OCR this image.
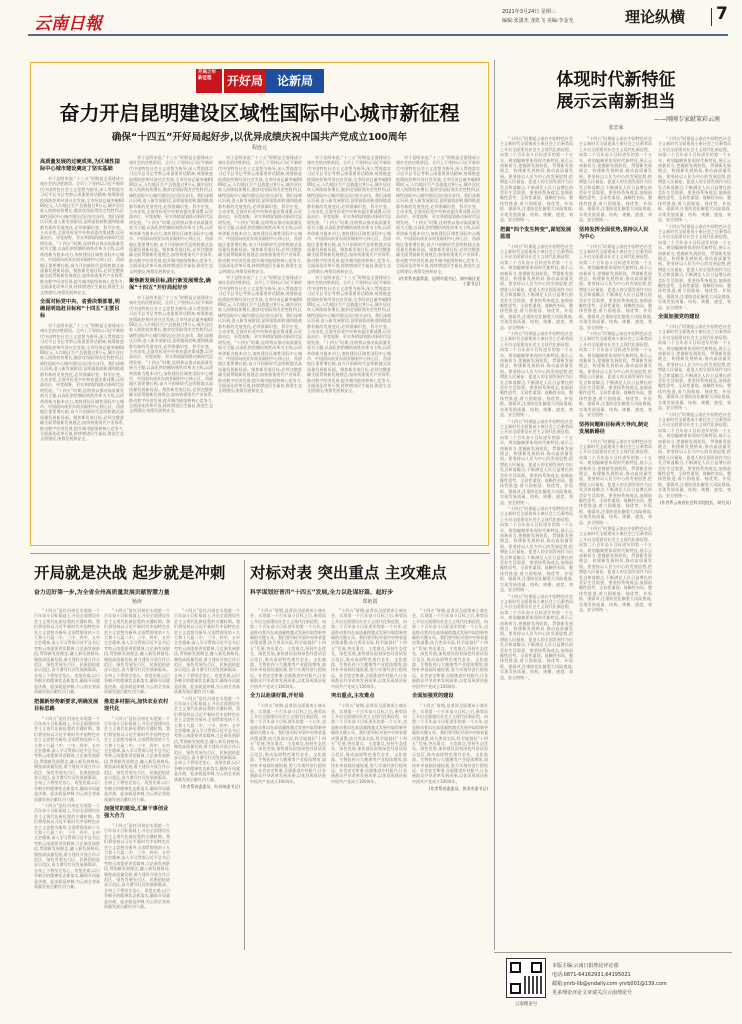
云南日報
2021年3月24日 星期三
编辑:张潇杰 龙虹飞 美编:李金光	理论纵横 7
开局之年新征程	开好局	论新局
奋力开启昆明建设区域性国际中心城市新征程
确保“十四五”开好局起好步,以优异成绩庆祝中国共产党成立100周年
程连元
高质量发展的过硬成果,为区域性国际中心城市建设奠定了坚实基础

对于昆明来说,“十三五”时期是全面建成小康社会的决胜阶段。全市上下坚持以习近平新时代中国特色社会主义思想为指导,深入贯彻落实习近平总书记考察云南重要讲话精神,统筹推进疫情防控和经济社会发展,全市经济总量突破6000亿元,人均地区生产总值超过9万元,城乡居民收入持续较快增长,脱贫攻坚取得决定性胜利,区域性国际中心城市建设迈出坚实步伐。我们深刻认识到,进入新发展阶段,昆明面临的机遇和挑战都有新的发展变化,必须准确识变、科学应变、主动求变,全面对标党中央和省委决策部署,以更高站位、更宽视野、更实举措谋划推动新时代昆明发展。“十四五”时期,昆明将以推动高质量发展为主题,以深化供给侧结构性改革为主线,以改革创新为根本动力,加快建设区域性国际中心城市、中国面向南亚东南亚辐射中心核心区、西部地区重要增长极,奋力开创新时代昆明跨越式高质量发展新局面。聚焦新发展目标,必须完整准确全面贯彻新发展理念,加快构建现代产业体系,推动数字经济发展,提升城市能级和核心竞争力,全面深化改革开放,持续增进民生福祉,推进生态文明建设,统筹发展和安全。

全面对标党中央、省委决策部署,明确昆明追赶目标和“十四五”主要目标

对于昆明来说,“十三五”时期是全面建成小康社会的决胜阶段。全市上下坚持以习近平新时代中国特色社会主义思想为指导,深入贯彻落实习近平总书记考察云南重要讲话精神,统筹推进疫情防控和经济社会发展,全市经济总量突破6000亿元,人均地区生产总值超过9万元,城乡居民收入持续较快增长,脱贫攻坚取得决定性胜利,区域性国际中心城市建设迈出坚实步伐。我们深刻认识到,进入新发展阶段,昆明面临的机遇和挑战都有新的发展变化,必须准确识变、科学应变、主动求变,全面对标党中央和省委决策部署,以更高站位、更宽视野、更实举措谋划推动新时代昆明发展。“十四五”时期,昆明将以推动高质量发展为主题,以深化供给侧结构性改革为主线,以改革创新为根本动力,加快建设区域性国际中心城市、中国面向南亚东南亚辐射中心核心区、西部地区重要增长极,奋力开创新时代昆明跨越式高质量发展新局面。聚焦新发展目标,必须完整准确全面贯彻新发展理念,加快构建现代产业体系,推动数字经济发展,提升城市能级和核心竞争力,全面深化改革开放,持续增进民生福祉,推进生态文明建设,统筹发展和安全。

对于昆明来说,“十三五”时期是全面建成小康社会的决胜阶段。全市上下坚持以习近平新时代中国特色社会主义思想为指导,深入贯彻落实习近平总书记考察云南重要讲话精神,统筹推进疫情防控和经济社会发展,全市经济总量突破6000亿元,人均地区生产总值超过9万元,城乡居民收入持续较快增长,脱贫攻坚取得决定性胜利,区域性国际中心城市建设迈出坚实步伐。我们深刻认识到,进入新发展阶段,昆明面临的机遇和挑战都有新的发展变化,必须准确识变、科学应变、主动求变,全面对标党中央和省委决策部署,以更高站位、更宽视野、更实举措谋划推动新时代昆明发展。“十四五”时期,昆明将以推动高质量发展为主题,以深化供给侧结构性改革为主线,以改革创新为根本动力,加快建设区域性国际中心城市、中国面向南亚东南亚辐射中心核心区、西部地区重要增长极,奋力开创新时代昆明跨越式高质量发展新局面。聚焦新发展目标,必须完整准确全面贯彻新发展理念,加快构建现代产业体系,推动数字经济发展,提升城市能级和核心竞争力,全面深化改革开放,持续增进民生福祉,推进生态文明建设,统筹发展和安全。

聚焦新发展目标,践行新发展理念,确保“十四五”开好局起好步

对于昆明来说,“十三五”时期是全面建成小康社会的决胜阶段。全市上下坚持以习近平新时代中国特色社会主义思想为指导,深入贯彻落实习近平总书记考察云南重要讲话精神,统筹推进疫情防控和经济社会发展,全市经济总量突破6000亿元,人均地区生产总值超过9万元,城乡居民收入持续较快增长,脱贫攻坚取得决定性胜利,区域性国际中心城市建设迈出坚实步伐。我们深刻认识到,进入新发展阶段,昆明面临的机遇和挑战都有新的发展变化,必须准确识变、科学应变、主动求变,全面对标党中央和省委决策部署,以更高站位、更宽视野、更实举措谋划推动新时代昆明发展。“十四五”时期,昆明将以推动高质量发展为主题,以深化供给侧结构性改革为主线,以改革创新为根本动力,加快建设区域性国际中心城市、中国面向南亚东南亚辐射中心核心区、西部地区重要增长极,奋力开创新时代昆明跨越式高质量发展新局面。聚焦新发展目标,必须完整准确全面贯彻新发展理念,加快构建现代产业体系,推动数字经济发展,提升城市能级和核心竞争力,全面深化改革开放,持续增进民生福祉,推进生态文明建设,统筹发展和安全。

对于昆明来说,“十三五”时期是全面建成小康社会的决胜阶段。全市上下坚持以习近平新时代中国特色社会主义思想为指导,深入贯彻落实习近平总书记考察云南重要讲话精神,统筹推进疫情防控和经济社会发展,全市经济总量突破6000亿元,人均地区生产总值超过9万元,城乡居民收入持续较快增长,脱贫攻坚取得决定性胜利,区域性国际中心城市建设迈出坚实步伐。我们深刻认识到,进入新发展阶段,昆明面临的机遇和挑战都有新的发展变化,必须准确识变、科学应变、主动求变,全面对标党中央和省委决策部署,以更高站位、更宽视野、更实举措谋划推动新时代昆明发展。“十四五”时期,昆明将以推动高质量发展为主题,以深化供给侧结构性改革为主线,以改革创新为根本动力,加快建设区域性国际中心城市、中国面向南亚东南亚辐射中心核心区、西部地区重要增长极,奋力开创新时代昆明跨越式高质量发展新局面。聚焦新发展目标,必须完整准确全面贯彻新发展理念,加快构建现代产业体系,推动数字经济发展,提升城市能级和核心竞争力,全面深化改革开放,持续增进民生福祉,推进生态文明建设,统筹发展和安全。

对于昆明来说,“十三五”时期是全面建成小康社会的决胜阶段。全市上下坚持以习近平新时代中国特色社会主义思想为指导,深入贯彻落实习近平总书记考察云南重要讲话精神,统筹推进疫情防控和经济社会发展,全市经济总量突破6000亿元,人均地区生产总值超过9万元,城乡居民收入持续较快增长,脱贫攻坚取得决定性胜利,区域性国际中心城市建设迈出坚实步伐。我们深刻认识到,进入新发展阶段,昆明面临的机遇和挑战都有新的发展变化,必须准确识变、科学应变、主动求变,全面对标党中央和省委决策部署,以更高站位、更宽视野、更实举措谋划推动新时代昆明发展。“十四五”时期,昆明将以推动高质量发展为主题,以深化供给侧结构性改革为主线,以改革创新为根本动力,加快建设区域性国际中心城市、中国面向南亚东南亚辐射中心核心区、西部地区重要增长极,奋力开创新时代昆明跨越式高质量发展新局面。聚焦新发展目标,必须完整准确全面贯彻新发展理念,加快构建现代产业体系,推动数字经济发展,提升城市能级和核心竞争力,全面深化改革开放,持续增进民生福祉,推进生态文明建设,统筹发展和安全。

对于昆明来说,“十三五”时期是全面建成小康社会的决胜阶段。全市上下坚持以习近平新时代中国特色社会主义思想为指导,深入贯彻落实习近平总书记考察云南重要讲话精神,统筹推进疫情防控和经济社会发展,全市经济总量突破6000亿元,人均地区生产总值超过9万元,城乡居民收入持续较快增长,脱贫攻坚取得决定性胜利,区域性国际中心城市建设迈出坚实步伐。我们深刻认识到,进入新发展阶段,昆明面临的机遇和挑战都有新的发展变化,必须准确识变、科学应变、主动求变,全面对标党中央和省委决策部署,以更高站位、更宽视野、更实举措谋划推动新时代昆明发展。“十四五”时期,昆明将以推动高质量发展为主题,以深化供给侧结构性改革为主线,以改革创新为根本动力,加快建设区域性国际中心城市、中国面向南亚东南亚辐射中心核心区、西部地区重要增长极,奋力开创新时代昆明跨越式高质量发展新局面。聚焦新发展目标,必须完整准确全面贯彻新发展理念,加快构建现代产业体系,推动数字经济发展,提升城市能级和核心竞争力,全面深化改革开放,持续增进民生福祉,推进生态文明建设,统筹发展和安全。

对于昆明来说,“十三五”时期是全面建成小康社会的决胜阶段。全市上下坚持以习近平新时代中国特色社会主义思想为指导,深入贯彻落实习近平总书记考察云南重要讲话精神,统筹推进疫情防控和经济社会发展,全市经济总量突破6000亿元,人均地区生产总值超过9万元,城乡居民收入持续较快增长,脱贫攻坚取得决定性胜利,区域性国际中心城市建设迈出坚实步伐。我们深刻认识到,进入新发展阶段,昆明面临的机遇和挑战都有新的发展变化,必须准确识变、科学应变、主动求变,全面对标党中央和省委决策部署,以更高站位、更宽视野、更实举措谋划推动新时代昆明发展。“十四五”时期,昆明将以推动高质量发展为主题,以深化供给侧结构性改革为主线,以改革创新为根本动力,加快建设区域性国际中心城市、中国面向南亚东南亚辐射中心核心区、西部地区重要增长极,奋力开创新时代昆明跨越式高质量发展新局面。聚焦新发展目标,必须完整准确全面贯彻新发展理念,加快构建现代产业体系,推动数字经济发展,提升城市能级和核心竞争力,全面深化改革开放,持续增进民生福祉,推进生态文明建设,统筹发展和安全。

对于昆明来说,“十三五”时期是全面建成小康社会的决胜阶段。全市上下坚持以习近平新时代中国特色社会主义思想为指导,深入贯彻落实习近平总书记考察云南重要讲话精神,统筹推进疫情防控和经济社会发展,全市经济总量突破6000亿元,人均地区生产总值超过9万元,城乡居民收入持续较快增长,脱贫攻坚取得决定性胜利,区域性国际中心城市建设迈出坚实步伐。我们深刻认识到,进入新发展阶段,昆明面临的机遇和挑战都有新的发展变化,必须准确识变、科学应变、主动求变,全面对标党中央和省委决策部署,以更高站位、更宽视野、更实举措谋划推动新时代昆明发展。“十四五”时期,昆明将以推动高质量发展为主题,以深化供给侧结构性改革为主线,以改革创新为根本动力,加快建设区域性国际中心城市、中国面向南亚东南亚辐射中心核心区、西部地区重要增长极,奋力开创新时代昆明跨越式高质量发展新局面。聚焦新发展目标,必须完整准确全面贯彻新发展理念,加快构建现代产业体系,推动数字经济发展,提升城市能级和核心竞争力,全面深化改革开放,持续增进民生福祉,推进生态文明建设,统筹发展和安全。

(作者系省委常委、昆明市委书记、滇中新区党工委书记)
体现时代新特征
展示云南新担当
——刚刚专家献策彩云南
张忠家

“十四五”时期是云南在中国特色社会主义新时代全面建成小康社会之后乘势而上开启全面建设社会主义现代化新征程、向第二个百年奋斗目标进军的第一个五年。规划编制要体现时代新特征,展示云南新担当,把握新发展阶段、贯彻新发展理念、构建新发展格局,推动高质量发展。要坚持以人民为中心的发展思想,把增进人民福祉、促进人的全面发展作为出发点和落脚点,不断满足人民日益增长的美好生活需要。要坚持系统观念,加强前瞻性思考、全局性谋划、战略性布局、整体性推进,着力固根基、扬优势、补短板、强弱项,注重防范化解重大风险挑战,实现发展质量、结构、规模、速度、效益、安全相统一。

把握“四个发生转变”,谋划发展蓝图

“十四五”时期是云南在中国特色社会主义新时代全面建成小康社会之后乘势而上开启全面建设社会主义现代化新征程、向第二个百年奋斗目标进军的第一个五年。规划编制要体现时代新特征,展示云南新担当,把握新发展阶段、贯彻新发展理念、构建新发展格局,推动高质量发展。要坚持以人民为中心的发展思想,把增进人民福祉、促进人的全面发展作为出发点和落脚点,不断满足人民日益增长的美好生活需要。要坚持系统观念,加强前瞻性思考、全局性谋划、战略性布局、整体性推进,着力固根基、扬优势、补短板、强弱项,注重防范化解重大风险挑战,实现发展质量、结构、规模、速度、效益、安全相统一。

“十四五”时期是云南在中国特色社会主义新时代全面建成小康社会之后乘势而上开启全面建设社会主义现代化新征程、向第二个百年奋斗目标进军的第一个五年。规划编制要体现时代新特征,展示云南新担当,把握新发展阶段、贯彻新发展理念、构建新发展格局,推动高质量发展。要坚持以人民为中心的发展思想,把增进人民福祉、促进人的全面发展作为出发点和落脚点,不断满足人民日益增长的美好生活需要。要坚持系统观念,加强前瞻性思考、全局性谋划、战略性布局、整体性推进,着力固根基、扬优势、补短板、强弱项,注重防范化解重大风险挑战,实现发展质量、结构、规模、速度、效益、安全相统一。

“十四五”时期是云南在中国特色社会主义新时代全面建成小康社会之后乘势而上开启全面建设社会主义现代化新征程、向第二个百年奋斗目标进军的第一个五年。规划编制要体现时代新特征,展示云南新担当,把握新发展阶段、贯彻新发展理念、构建新发展格局,推动高质量发展。要坚持以人民为中心的发展思想,把增进人民福祉、促进人的全面发展作为出发点和落脚点,不断满足人民日益增长的美好生活需要。要坚持系统观念,加强前瞻性思考、全局性谋划、战略性布局、整体性推进,着力固根基、扬优势、补短板、强弱项,注重防范化解重大风险挑战,实现发展质量、结构、规模、速度、效益、安全相统一。

“十四五”时期是云南在中国特色社会主义新时代全面建成小康社会之后乘势而上开启全面建设社会主义现代化新征程、向第二个百年奋斗目标进军的第一个五年。规划编制要体现时代新特征,展示云南新担当,把握新发展阶段、贯彻新发展理念、构建新发展格局,推动高质量发展。要坚持以人民为中心的发展思想,把增进人民福祉、促进人的全面发展作为出发点和落脚点,不断满足人民日益增长的美好生活需要。要坚持系统观念,加强前瞻性思考、全局性谋划、战略性布局、整体性推进,着力固根基、扬优势、补短板、强弱项,注重防范化解重大风险挑战,实现发展质量、结构、规模、速度、效益、安全相统一。

“十四五”时期是云南在中国特色社会主义新时代全面建成小康社会之后乘势而上开启全面建设社会主义现代化新征程、向第二个百年奋斗目标进军的第一个五年。规划编制要体现时代新特征,展示云南新担当,把握新发展阶段、贯彻新发展理念、构建新发展格局,推动高质量发展。要坚持以人民为中心的发展思想,把增进人民福祉、促进人的全面发展作为出发点和落脚点,不断满足人民日益增长的美好生活需要。要坚持系统观念,加强前瞻性思考、全局性谋划、战略性布局、整体性推进,着力固根基、扬优势、补短板、强弱项,注重防范化解重大风险挑战,实现发展质量、结构、规模、速度、效益、安全相统一。

“十四五”时期是云南在中国特色社会主义新时代全面建成小康社会之后乘势而上开启全面建设社会主义现代化新征程、向第二个百年奋斗目标进军的第一个五年。规划编制要体现时代新特征,展示云南新担当,把握新发展阶段、贯彻新发展理念、构建新发展格局,推动高质量发展。要坚持以人民为中心的发展思想,把增进人民福祉、促进人的全面发展作为出发点和落脚点,不断满足人民日益增长的美好生活需要。要坚持系统观念,加强前瞻性思考、全局性谋划、战略性布局、整体性推进,着力固根基、扬优势、补短板、强弱项,注重防范化解重大风险挑战,实现发展质量、结构、规模、速度、效益、安全相统一。

坚持发挥全面优势,坚持以人民为中心

“十四五”时期是云南在中国特色社会主义新时代全面建成小康社会之后乘势而上开启全面建设社会主义现代化新征程、向第二个百年奋斗目标进军的第一个五年。规划编制要体现时代新特征,展示云南新担当,把握新发展阶段、贯彻新发展理念、构建新发展格局,推动高质量发展。要坚持以人民为中心的发展思想,把增进人民福祉、促进人的全面发展作为出发点和落脚点,不断满足人民日益增长的美好生活需要。要坚持系统观念,加强前瞻性思考、全局性谋划、战略性布局、整体性推进,着力固根基、扬优势、补短板、强弱项,注重防范化解重大风险挑战,实现发展质量、结构、规模、速度、效益、安全相统一。

“十四五”时期是云南在中国特色社会主义新时代全面建成小康社会之后乘势而上开启全面建设社会主义现代化新征程、向第二个百年奋斗目标进军的第一个五年。规划编制要体现时代新特征,展示云南新担当,把握新发展阶段、贯彻新发展理念、构建新发展格局,推动高质量发展。要坚持以人民为中心的发展思想,把增进人民福祉、促进人的全面发展作为出发点和落脚点,不断满足人民日益增长的美好生活需要。要坚持系统观念,加强前瞻性思考、全局性谋划、战略性布局、整体性推进,着力固根基、扬优势、补短板、强弱项,注重防范化解重大风险挑战,实现发展质量、结构、规模、速度、效益、安全相统一。

坚持问题和目标两大导向,制定发展新路径

“十四五”时期是云南在中国特色社会主义新时代全面建成小康社会之后乘势而上开启全面建设社会主义现代化新征程、向第二个百年奋斗目标进军的第一个五年。规划编制要体现时代新特征,展示云南新担当,把握新发展阶段、贯彻新发展理念、构建新发展格局,推动高质量发展。要坚持以人民为中心的发展思想,把增进人民福祉、促进人的全面发展作为出发点和落脚点,不断满足人民日益增长的美好生活需要。要坚持系统观念,加强前瞻性思考、全局性谋划、战略性布局、整体性推进,着力固根基、扬优势、补短板、强弱项,注重防范化解重大风险挑战,实现发展质量、结构、规模、速度、效益、安全相统一。

“十四五”时期是云南在中国特色社会主义新时代全面建成小康社会之后乘势而上开启全面建设社会主义现代化新征程、向第二个百年奋斗目标进军的第一个五年。规划编制要体现时代新特征,展示云南新担当,把握新发展阶段、贯彻新发展理念、构建新发展格局,推动高质量发展。要坚持以人民为中心的发展思想,把增进人民福祉、促进人的全面发展作为出发点和落脚点,不断满足人民日益增长的美好生活需要。要坚持系统观念,加强前瞻性思考、全局性谋划、战略性布局、整体性推进,着力固根基、扬优势、补短板、强弱项,注重防范化解重大风险挑战,实现发展质量、结构、规模、速度、效益、安全相统一。

“十四五”时期是云南在中国特色社会主义新时代全面建成小康社会之后乘势而上开启全面建设社会主义现代化新征程、向第二个百年奋斗目标进军的第一个五年。规划编制要体现时代新特征,展示云南新担当,把握新发展阶段、贯彻新发展理念、构建新发展格局,推动高质量发展。要坚持以人民为中心的发展思想,把增进人民福祉、促进人的全面发展作为出发点和落脚点,不断满足人民日益增长的美好生活需要。要坚持系统观念,加强前瞻性思考、全局性谋划、战略性布局、整体性推进,着力固根基、扬优势、补短板、强弱项,注重防范化解重大风险挑战,实现发展质量、结构、规模、速度、效益、安全相统一。

“十四五”时期是云南在中国特色社会主义新时代全面建成小康社会之后乘势而上开启全面建设社会主义现代化新征程、向第二个百年奋斗目标进军的第一个五年。规划编制要体现时代新特征,展示云南新担当,把握新发展阶段、贯彻新发展理念、构建新发展格局,推动高质量发展。要坚持以人民为中心的发展思想,把增进人民福祉、促进人的全面发展作为出发点和落脚点,不断满足人民日益增长的美好生活需要。要坚持系统观念,加强前瞻性思考、全局性谋划、战略性布局、整体性推进,着力固根基、扬优势、补短板、强弱项,注重防范化解重大风险挑战,实现发展质量、结构、规模、速度、效益、安全相统一。

全面加强党的建设

“十四五”时期是云南在中国特色社会主义新时代全面建成小康社会之后乘势而上开启全面建设社会主义现代化新征程、向第二个百年奋斗目标进军的第一个五年。规划编制要体现时代新特征,展示云南新担当,把握新发展阶段、贯彻新发展理念、构建新发展格局,推动高质量发展。要坚持以人民为中心的发展思想,把增进人民福祉、促进人的全面发展作为出发点和落脚点,不断满足人民日益增长的美好生活需要。要坚持系统观念,加强前瞻性思考、全局性谋划、战略性布局、整体性推进,着力固根基、扬优势、补短板、强弱项,注重防范化解重大风险挑战,实现发展质量、结构、规模、速度、效益、安全相统一。

“十四五”时期是云南在中国特色社会主义新时代全面建成小康社会之后乘势而上开启全面建设社会主义现代化新征程、向第二个百年奋斗目标进军的第一个五年。规划编制要体现时代新特征,展示云南新担当,把握新发展阶段、贯彻新发展理念、构建新发展格局,推动高质量发展。要坚持以人民为中心的发展思想,把增进人民福祉、促进人的全面发展作为出发点和落脚点,不断满足人民日益增长的美好生活需要。要坚持系统观念,加强前瞻性思考、全局性谋划、战略性布局、整体性推进,着力固根基、扬优势、补短板、强弱项,注重防范化解重大风险挑战,实现发展质量、结构、规模、速度、效益、安全相统一。

(作者系云南省社会科学院院长、研究员)
开局就是决战 起步就是冲刺
奋力迈好第一步,为全省全州高质量发展贡献智慧力量
杨涛

“十四五”是红河州在实现第一个百年奋斗目标基础上,开启全面建设社会主义现代化新征程的关键时期。我们将坚持以习近平新时代中国特色社会主义思想为指导,全面贯彻党的十九大和十九届二中、三中、四中、五中全会精神,深入学习贯彻习近平总书记考察云南重要讲话精神,立足新发展阶段,贯彻新发展理念,融入新发展格局,聚焦高质量发展,着力建设开放合作示范区、绿色发展先行区、民族团结进步示范区,奋力谱写红河发展新篇章。全州上下将坚定信心、攻坚克难,以只争朝夕的精神状态抓落实,确保开局就是决战、起步就是冲刺,为云南全省高质量发展贡献红河力量。

把握新形势新要求,明确发展目标思路

“十四五”是红河州在实现第一个百年奋斗目标基础上,开启全面建设社会主义现代化新征程的关键时期。我们将坚持以习近平新时代中国特色社会主义思想为指导,全面贯彻党的十九大和十九届二中、三中、四中、五中全会精神,深入学习贯彻习近平总书记考察云南重要讲话精神,立足新发展阶段,贯彻新发展理念,融入新发展格局,聚焦高质量发展,着力建设开放合作示范区、绿色发展先行区、民族团结进步示范区,奋力谱写红河发展新篇章。全州上下将坚定信心、攻坚克难,以只争朝夕的精神状态抓落实,确保开局就是决战、起步就是冲刺,为云南全省高质量发展贡献红河力量。

“十四五”是红河州在实现第一个百年奋斗目标基础上,开启全面建设社会主义现代化新征程的关键时期。我们将坚持以习近平新时代中国特色社会主义思想为指导,全面贯彻党的十九大和十九届二中、三中、四中、五中全会精神,深入学习贯彻习近平总书记考察云南重要讲话精神,立足新发展阶段,贯彻新发展理念,融入新发展格局,聚焦高质量发展,着力建设开放合作示范区、绿色发展先行区、民族团结进步示范区,奋力谱写红河发展新篇章。全州上下将坚定信心、攻坚克难,以只争朝夕的精神状态抓落实,确保开局就是决战、起步就是冲刺,为云南全省高质量发展贡献红河力量。

“十四五”是红河州在实现第一个百年奋斗目标基础上,开启全面建设社会主义现代化新征程的关键时期。我们将坚持以习近平新时代中国特色社会主义思想为指导,全面贯彻党的十九大和十九届二中、三中、四中、五中全会精神,深入学习贯彻习近平总书记考察云南重要讲话精神,立足新发展阶段,贯彻新发展理念,融入新发展格局,聚焦高质量发展,着力建设开放合作示范区、绿色发展先行区、民族团结进步示范区,奋力谱写红河发展新篇章。全州上下将坚定信心、攻坚克难,以只争朝夕的精神状态抓落实,确保开局就是决战、起步就是冲刺,为云南全省高质量发展贡献红河力量。

推进多村振兴,加快农业农村现代化

“十四五”是红河州在实现第一个百年奋斗目标基础上,开启全面建设社会主义现代化新征程的关键时期。我们将坚持以习近平新时代中国特色社会主义思想为指导,全面贯彻党的十九大和十九届二中、三中、四中、五中全会精神,深入学习贯彻习近平总书记考察云南重要讲话精神,立足新发展阶段,贯彻新发展理念,融入新发展格局,聚焦高质量发展,着力建设开放合作示范区、绿色发展先行区、民族团结进步示范区,奋力谱写红河发展新篇章。全州上下将坚定信心、攻坚克难,以只争朝夕的精神状态抓落实,确保开局就是决战、起步就是冲刺,为云南全省高质量发展贡献红河力量。

加强党的建设,汇聚干事创业强大合力

“十四五”是红河州在实现第一个百年奋斗目标基础上,开启全面建设社会主义现代化新征程的关键时期。我们将坚持以习近平新时代中国特色社会主义思想为指导,全面贯彻党的十九大和十九届二中、三中、四中、五中全会精神,深入学习贯彻习近平总书记考察云南重要讲话精神,立足新发展阶段,贯彻新发展理念,融入新发展格局,聚焦高质量发展,着力建设开放合作示范区、绿色发展先行区、民族团结进步示范区,奋力谱写红河发展新篇章。全州上下将坚定信心、攻坚克难,以只争朝夕的精神状态抓落实,确保开局就是决战、起步就是冲刺,为云南全省高质量发展贡献红河力量。

“十四五”是红河州在实现第一个百年奋斗目标基础上,开启全面建设社会主义现代化新征程的关键时期。我们将坚持以习近平新时代中国特色社会主义思想为指导,全面贯彻党的十九大和十九届二中、三中、四中、五中全会精神,深入学习贯彻习近平总书记考察云南重要讲话精神,立足新发展阶段,贯彻新发展理念,融入新发展格局,聚焦高质量发展,着力建设开放合作示范区、绿色发展先行区、民族团结进步示范区,奋力谱写红河发展新篇章。全州上下将坚定信心、攻坚克难,以只争朝夕的精神状态抓落实,确保开局就是决战、起步就是冲刺,为云南全省高质量发展贡献红河力量。

“十四五”是红河州在实现第一个百年奋斗目标基础上,开启全面建设社会主义现代化新征程的关键时期。我们将坚持以习近平新时代中国特色社会主义思想为指导,全面贯彻党的十九大和十九届二中、三中、四中、五中全会精神,深入学习贯彻习近平总书记考察云南重要讲话精神,立足新发展阶段,贯彻新发展理念,融入新发展格局,聚焦高质量发展,着力建设开放合作示范区、绿色发展先行区、民族团结进步示范区,奋力谱写红河发展新篇章。全州上下将坚定信心、攻坚克难,以只争朝夕的精神状态抓落实,确保开局就是决战、起步就是冲刺,为云南全省高质量发展贡献红河力量。

(作者系省委委员、红河州委书记)
对标对表 突出重点 主攻难点
科学谋划好普洱“十四五”发展,全力以赴谋好篇、起好步
郑艳霞

“十四五”时期,是普洱全面建成小康社会、实现第一个百年奋斗目标之后,乘势而上开启全面建设社会主义现代化新征程、向第二个百年奋斗目标进军的第一个五年,也是推动普洱在高质量跨越式发展中取得新突破的关键五年。我们要对标对表中央和省委决策部署,结合普洱实际,科学谋划好“十四五”发展,突出重点、主攻难点,坚持生态优先、绿色发展,加快建设国家绿色经济试验示范区,推动高原特色现代农业、文化旅游、生物医药与大健康等产业提质增效,加快补齐基础设施短板,努力实现经济行稳致远、社会安定和谐,全面推进乡村振兴,让各族群众共享改革发展成果,以优异成绩庆祝中国共产党成立100周年。

全力以赴谋好篇,开好局

“十四五”时期,是普洱全面建成小康社会、实现第一个百年奋斗目标之后,乘势而上开启全面建设社会主义现代化新征程、向第二个百年奋斗目标进军的第一个五年,也是推动普洱在高质量跨越式发展中取得新突破的关键五年。我们要对标对表中央和省委决策部署,结合普洱实际,科学谋划好“十四五”发展,突出重点、主攻难点,坚持生态优先、绿色发展,加快建设国家绿色经济试验示范区,推动高原特色现代农业、文化旅游、生物医药与大健康等产业提质增效,加快补齐基础设施短板,努力实现经济行稳致远、社会安定和谐,全面推进乡村振兴,让各族群众共享改革发展成果,以优异成绩庆祝中国共产党成立100周年。

“十四五”时期,是普洱全面建成小康社会、实现第一个百年奋斗目标之后,乘势而上开启全面建设社会主义现代化新征程、向第二个百年奋斗目标进军的第一个五年,也是推动普洱在高质量跨越式发展中取得新突破的关键五年。我们要对标对表中央和省委决策部署,结合普洱实际,科学谋划好“十四五”发展,突出重点、主攻难点,坚持生态优先、绿色发展,加快建设国家绿色经济试验示范区,推动高原特色现代农业、文化旅游、生物医药与大健康等产业提质增效,加快补齐基础设施短板,努力实现经济行稳致远、社会安定和谐,全面推进乡村振兴,让各族群众共享改革发展成果,以优异成绩庆祝中国共产党成立100周年。

突出重点,主攻难点

“十四五”时期,是普洱全面建成小康社会、实现第一个百年奋斗目标之后,乘势而上开启全面建设社会主义现代化新征程、向第二个百年奋斗目标进军的第一个五年,也是推动普洱在高质量跨越式发展中取得新突破的关键五年。我们要对标对表中央和省委决策部署,结合普洱实际,科学谋划好“十四五”发展,突出重点、主攻难点,坚持生态优先、绿色发展,加快建设国家绿色经济试验示范区,推动高原特色现代农业、文化旅游、生物医药与大健康等产业提质增效,加快补齐基础设施短板,努力实现经济行稳致远、社会安定和谐,全面推进乡村振兴,让各族群众共享改革发展成果,以优异成绩庆祝中国共产党成立100周年。

“十四五”时期,是普洱全面建成小康社会、实现第一个百年奋斗目标之后,乘势而上开启全面建设社会主义现代化新征程、向第二个百年奋斗目标进军的第一个五年,也是推动普洱在高质量跨越式发展中取得新突破的关键五年。我们要对标对表中央和省委决策部署,结合普洱实际,科学谋划好“十四五”发展,突出重点、主攻难点,坚持生态优先、绿色发展,加快建设国家绿色经济试验示范区,推动高原特色现代农业、文化旅游、生物医药与大健康等产业提质增效,加快补齐基础设施短板,努力实现经济行稳致远、社会安定和谐,全面推进乡村振兴,让各族群众共享改革发展成果,以优异成绩庆祝中国共产党成立100周年。

全面加强党的建设

“十四五”时期,是普洱全面建成小康社会、实现第一个百年奋斗目标之后,乘势而上开启全面建设社会主义现代化新征程、向第二个百年奋斗目标进军的第一个五年,也是推动普洱在高质量跨越式发展中取得新突破的关键五年。我们要对标对表中央和省委决策部署,结合普洱实际,科学谋划好“十四五”发展,突出重点、主攻难点,坚持生态优先、绿色发展,加快建设国家绿色经济试验示范区,推动高原特色现代农业、文化旅游、生物医药与大健康等产业提质增效,加快补齐基础设施短板,努力实现经济行稳致远、社会安定和谐,全面推进乡村振兴,让各族群众共享改革发展成果,以优异成绩庆祝中国共产党成立100周年。

(作者系省委委员、普洱市委书记)
云南理论号
本版主编:云南日报理论评论部
电话:0871-64162931,64195021
邮箱:ynrb-llb@yndaily.com ynrb001@139.com
更多理论评论文章请关注云南理论号
